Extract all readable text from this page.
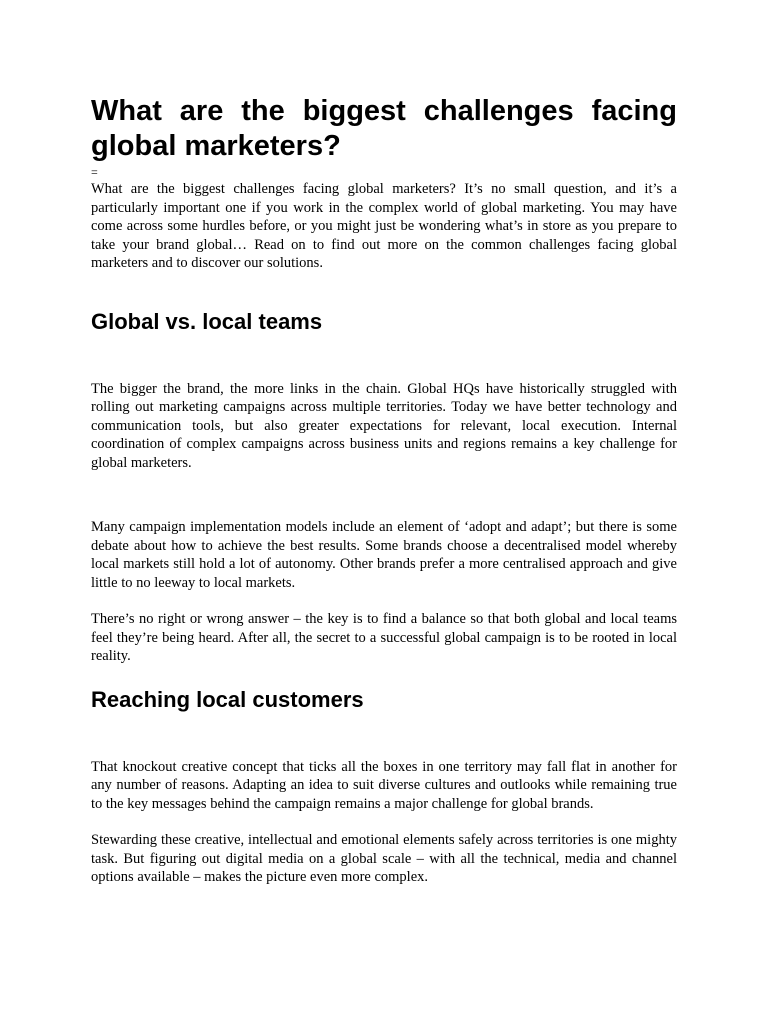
What are the biggest challenges facing global marketers?
=

What are the biggest challenges facing global marketers? It’s no small question, and it’s a particularly important one if you work in the complex world of global marketing. You may have come across some hurdles before, or you might just be wondering what’s in store as you prepare to take your brand global… Read on to find out more on the common challenges facing global marketers and to discover our solutions.

Global vs. local teams

The bigger the brand, the more links in the chain. Global HQs have historically struggled with rolling out marketing campaigns across multiple territories. Today we have better technology and communication tools, but also greater expectations for relevant, local execution. Internal coordination of complex campaigns across business units and regions remains a key challenge for global marketers.

Many campaign implementation models include an element of ‘adopt and adapt’; but there is some debate about how to achieve the best results. Some brands choose a decentralised model whereby local markets still hold a lot of autonomy. Other brands prefer a more centralised approach and give little to no leeway to local markets.

There’s no right or wrong answer – the key is to find a balance so that both global and local teams feel they’re being heard. After all, the secret to a successful global campaign is to be rooted in local reality.

Reaching local customers

That knockout creative concept that ticks all the boxes in one territory may fall flat in another for any number of reasons. Adapting an idea to suit diverse cultures and outlooks while remaining true to the key messages behind the campaign remains a major challenge for global brands.

Stewarding these creative, intellectual and emotional elements safely across territories is one mighty task. But figuring out digital media on a global scale – with all the technical, media and channel options available – makes the picture even more complex.
